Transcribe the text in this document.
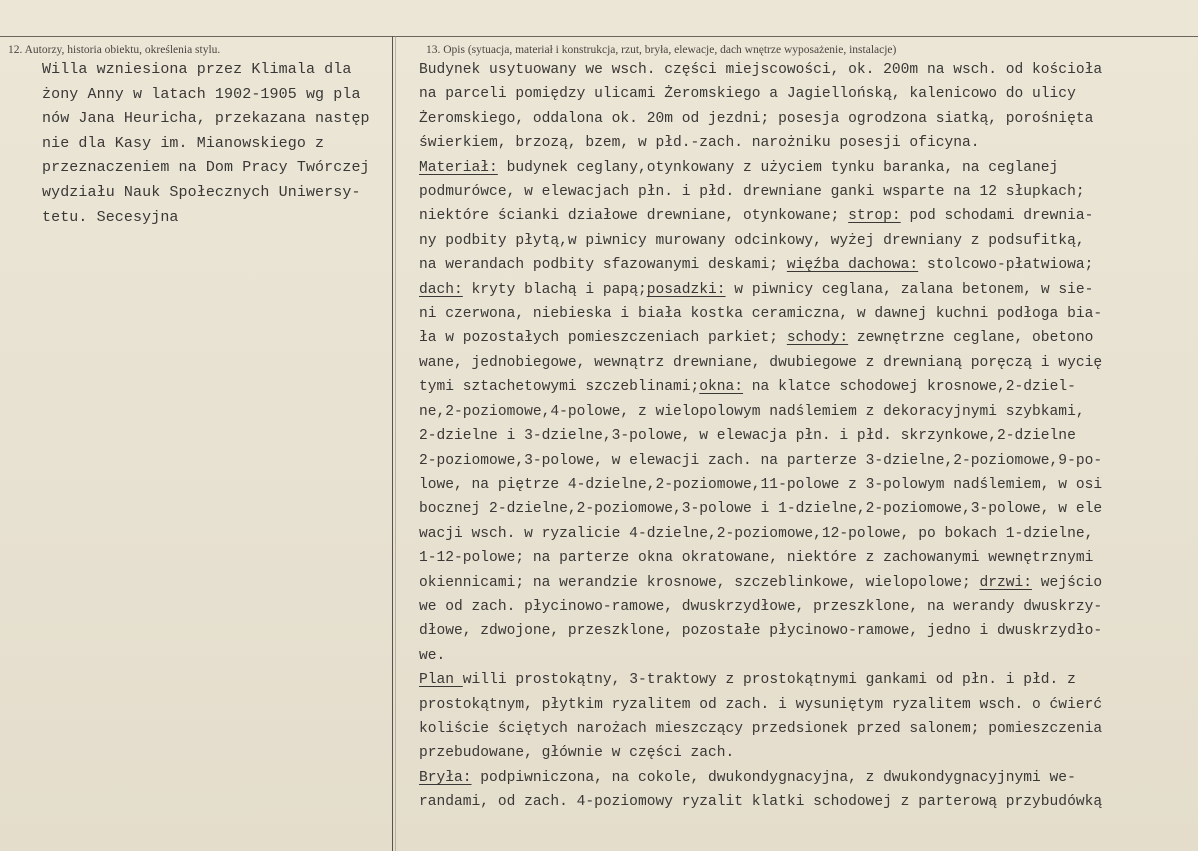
12. Autorzy, historia obiektu, określenia stylu.	13. Opis (sytuacja, materiał i konstrukcja, rzut, bryła, elewacje, dach wnętrze wyposażenie, instalacje)
Willa wzniesiona przez Klimala dla
żony Anny w latach 1902-1905 wg pla
nów Jana Heuricha, przekazana następ
nie dla Kasy im. Mianowskiego z
przeznaczeniem na Dom Pracy Twórczej
wydziału Nauk Społecznych Uniwersy-
tetu. Secesyjna
Budynek usytuowany we wsch. części miejscowości, ok. 200m na wsch. od kościoła
na parceli pomiędzy ulicami Żeromskiego a Jagiellońską, kalenicowo do ulicy
Żeromskiego, oddalona ok. 20m od jezdni; posesja ogrodzona siatką, porośnięta
świerkiem, brzozą, bzem, w płd.-zach. narożniku posesji oficyna.
Materiał: budynek ceglany,otynkowany z użyciem tynku baranka, na ceglanej
podmurówce, w elewacjach płn. i płd. drewniane ganki wsparte na 12 słupkach;
niektóre ścianki działowe drewniane, otynkowane; strop: pod schodami drewnia-
ny podbity płytą,w piwnicy murowany odcinkowy, wyżej drewniany z podsufitką,
na werandach podbity sfazowanymi deskami; więźba dachowa: stolcowo-płatwiowa;
dach: kryty blachą i papą;posadzki: w piwnicy ceglana, zalana betonem, w sie-
ni czerwona, niebieska i biała kostka ceramiczna, w dawnej kuchni podłoga bia-
ła w pozostałych pomieszczeniach parkiet; schody: zewnętrzne ceglane, obetono
wane, jednobiegowe, wewnątrz drewniane, dwubiegowe z drewnianą poręczą i wycię
tymi sztachetowymi szczeblinami;okna: na klatce schodowej krosnowe,2-dziel-
ne,2-poziomowe,4-polowe, z wielopolowym nadślemiem z dekoracyjnymi szybkami,
2-dzielne i 3-dzielne,3-polowe, w elewacja płn. i płd. skrzynkowe,2-dzielne
2-poziomowe,3-polowe, w elewacji zach. na parterze 3-dzielne,2-poziomowe,9-po-
lowe, na piętrze 4-dzielne,2-poziomowe,11-polowe z 3-polowym nadślemiem, w osi
bocznej 2-dzielne,2-poziomowe,3-polowe i 1-dzielne,2-poziomowe,3-polowe, w ele
wacji wsch. w ryzalicie 4-dzielne,2-poziomowe,12-polowe, po bokach 1-dzielne,
1-12-polowe; na parterze okna okratowane, niektóre z zachowanymi wewnętrznymi
okiennicami; na werandzie krosnowe, szczeblinkowe, wielopolowe; drzwi: wejścio
we od zach. płycinowo-ramowe, dwuskrzydłowe, przeszklone, na werandy dwuskrzy-
dłowe, zdwojone, przeszklone, pozostałe płycinowo-ramowe, jedno i dwuskrzydło-
we.
Plan willi prostokątny, 3-traktowy z prostokątnymi gankami od płn. i płd. z
prostokątnym, płytkim ryzalitem od zach. i wysuniętym ryzalitem wsch. o ćwierć
koliście ściętych narożach mieszczący przedsionek przed salonem; pomieszczenia
przebudowane, głównie w części zach.
Bryła: podpiwniczona, na cokole, dwukondygnacyjna, z dwukondygnacyjnymi we-
randami, od zach. 4-poziomowy ryzalit klatki schodowej z parterową przybudówką
